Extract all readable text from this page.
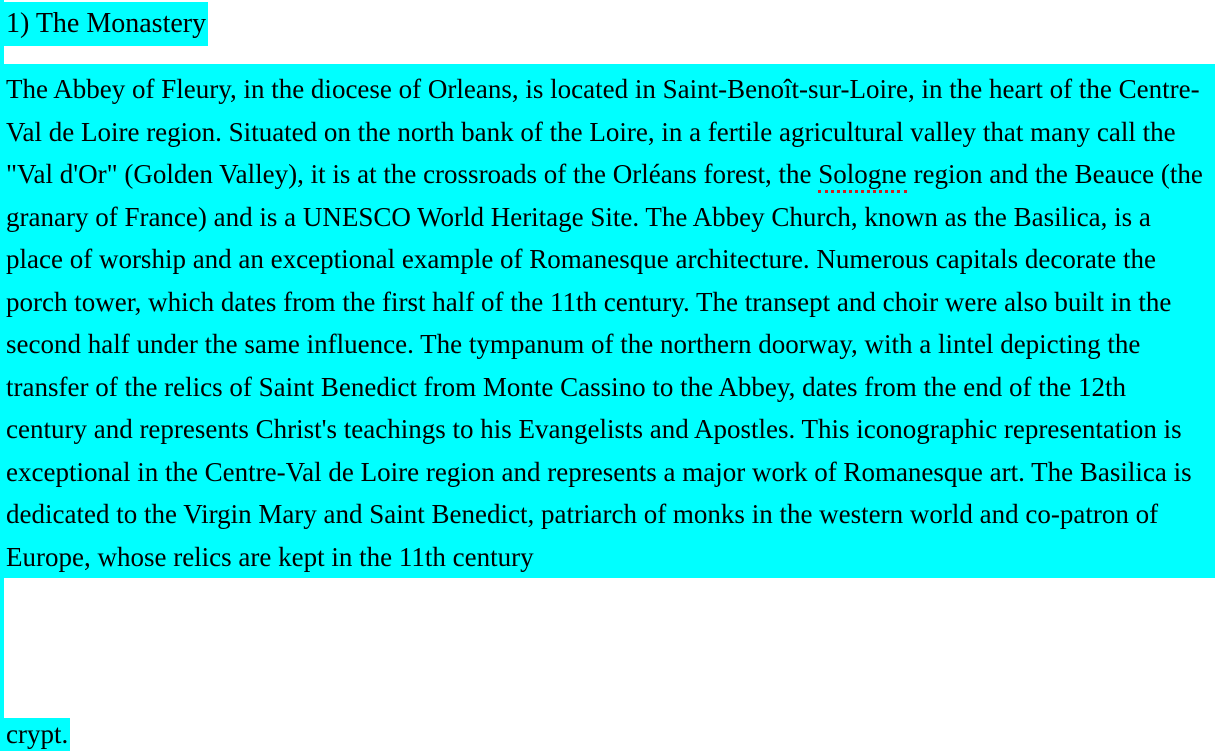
1) The Monastery

The Abbey of Fleury, in the diocese of Orleans, is located in Saint-Benoît-sur-Loire, in the heart of the Centre-Val de Loire region. Situated on the north bank of the Loire, in a fertile agricultural valley that many call the "Val d'Or" (Golden Valley), it is at the crossroads of the Orléans forest, the Sologne region and the Beauce (the granary of France) and is a UNESCO World Heritage Site. The Abbey Church, known as the Basilica, is a place of worship and an exceptional example of Romanesque architecture. Numerous capitals decorate the porch tower, which dates from the first half of the 11th century. The transept and choir were also built in the second half under the same influence. The tympanum of the northern doorway, with a lintel depicting the transfer of the relics of Saint Benedict from Monte Cassino to the Abbey, dates from the end of the 12th century and represents Christ's teachings to his Evangelists and Apostles. This iconographic representation is exceptional in the Centre-Val de Loire region and represents a major work of Romanesque art. The Basilica is dedicated to the Virgin Mary and Saint Benedict, patriarch of monks in the western world and co-patron of Europe, whose relics are kept in the 11th century

crypt.
